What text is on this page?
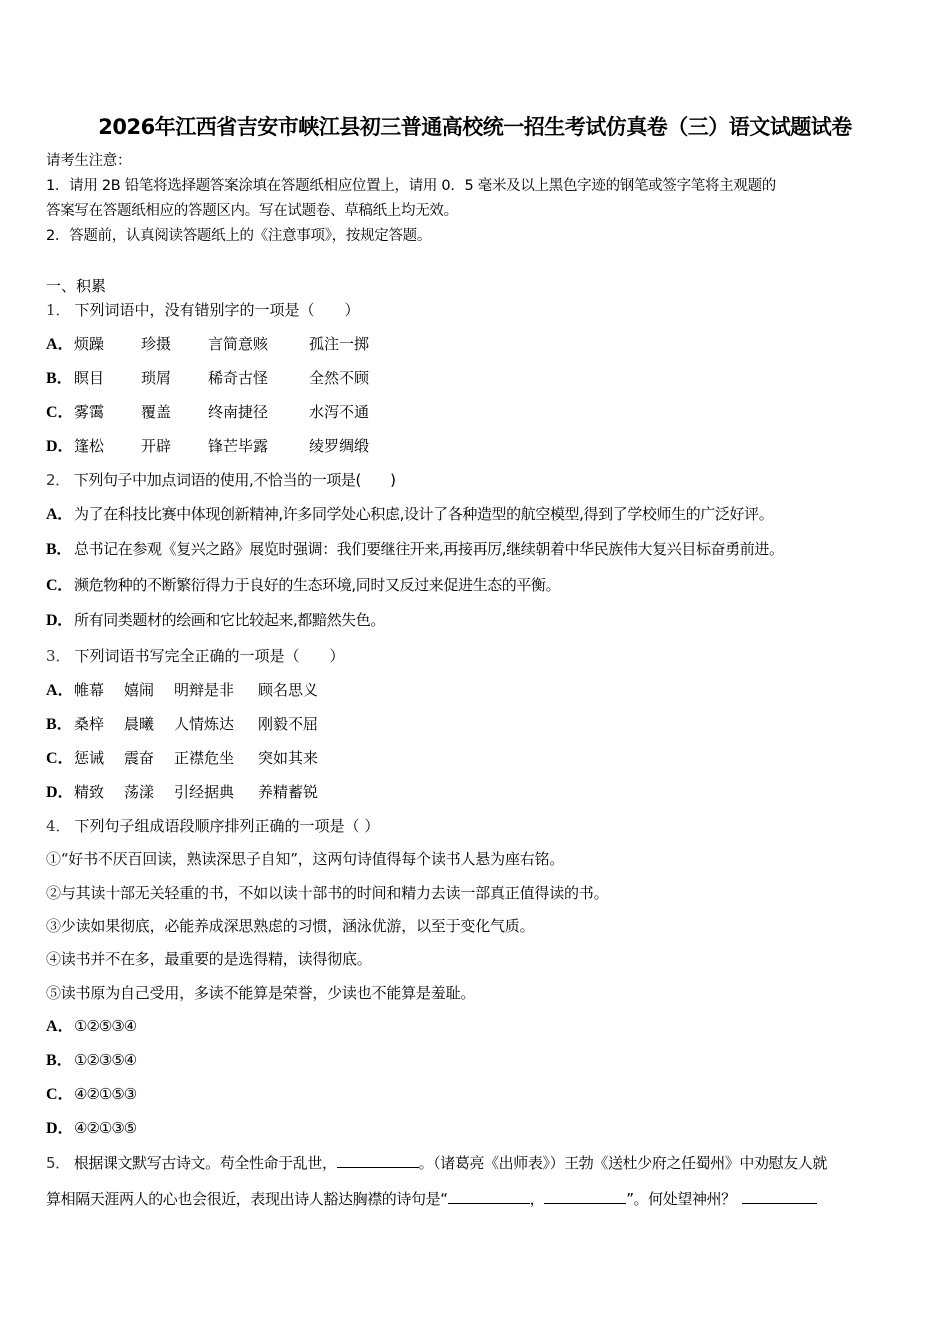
2026年江西省吉安市峡江县初三普通高校统一招生考试仿真卷（三）语文试题试卷
请考生注意：
1．请用 2B 铅笔将选择题答案涂填在答题纸相应位置上，请用 0．5 毫米及以上黑色字迹的钢笔或签字笔将主观题的
答案写在答题纸相应的答题区内。写在试题卷、草稿纸上均无效。
2．答题前，认真阅读答题纸上的《注意事项》，按规定答题。
一、积累
1． 下列词语中，没有错别字的一项是（　　）
A．烦躁 珍摄 言简意赅	孤注一掷
B．瞑目 琐屑 稀奇古怪	全然不顾
C．雾霭 覆盖 终南捷径	水泻不通
D．篷松 开辟 锋芒毕露	绫罗绸缎
2． 下列句子中加点词语的使用,不恰当的一项是(　　)
A．为了在科技比赛中体现创新精神,许多同学处心积虑,设计了各种造型的航空模型,得到了学校师生的广泛好评。
B． 总书记在参观《复兴之路》展览时强调：我们要继往开来,再接再厉,继续朝着中华民族伟大复兴目标奋勇前进。
C．濒危物种的不断繁衍得力于良好的生态环境,同时又反过来促进生态的平衡。
D．所有同类题材的绘画和它比较起来,都黯然失色。
3． 下列词语书写完全正确的一项是（　　）
A．帷幕 嬉闹 明辩是非 顾名思义
B．桑梓 晨曦 人情炼达 刚毅不屈
C．惩诫 震奋 正襟危坐 突如其来
D．精致 荡漾 引经据典 养精蓄锐
4． 下列句子组成语段顺序排列正确的一项是（ ）
①“好书不厌百回读，熟读深思子自知”，这两句诗值得每个读书人悬为座右铭。
②与其读十部无关轻重的书，不如以读十部书的时间和精力去读一部真正值得读的书。
③少读如果彻底，必能养成深思熟虑的习惯，涵泳优游，以至于变化气质。
④读书并不在多，最重要的是选得精，读得彻底。
⑤读书原为自己受用，多读不能算是荣誉，少读也不能算是羞耻。
A．①②⑤③④
B．①②③⑤④
C．④②①⑤③
D．④②①③⑤
5． 根据课文默写古诗文。苟全性命于乱世，	。（诸葛亮《出师表》）王勃《送杜少府之任蜀州》中劝慰友人就
算相隔天涯两人的心也会很近，表现出诗人豁达胸襟的诗句是“	，	”。何处望神州？
